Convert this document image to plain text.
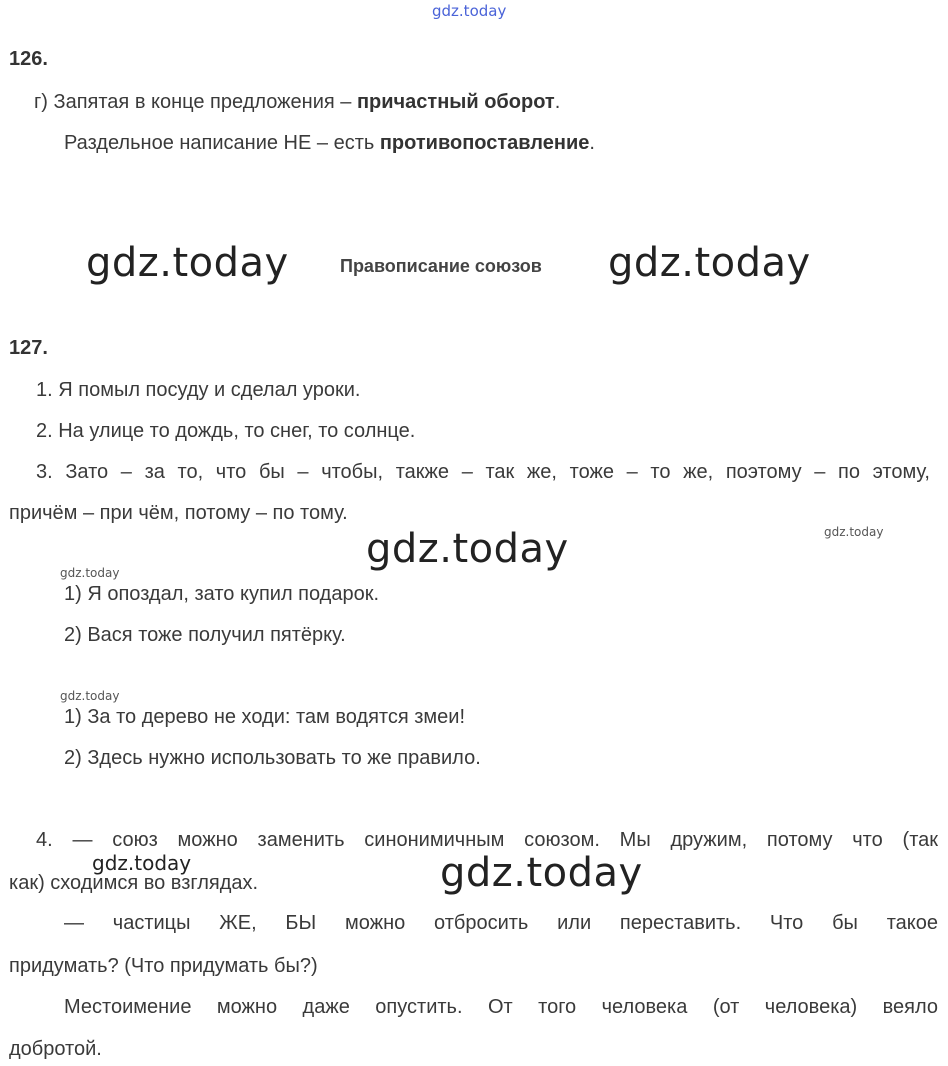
gdz.today
126.
г) Запятая в конце предложения – причастный оборот.
Раздельное написание НЕ – есть противопоставление.
gdz.today	Правописание союзов gdz.today
127.
1. Я помыл посуду и сделал уроки.
2. На улице то дождь, то снег, то солнце.
3. Зато – за то, что бы – чтобы, также – так же, тоже – то же, поэтому – по этому,
причём – при чём, потому – по тому.
gdz.today
gdz.today
gdz.today
1) Я опоздал, зато купил подарок.
2) Вася тоже получил пятёрку.
gdz.today
1) За то дерево не ходи: там водятся змеи!
2) Здесь нужно использовать то же правило.
4. — союз можно заменить синонимичным союзом. Мы дружим, потому что (так
gdz.today
как) сходимся во взглядах.	gdz.today
— частицы ЖЕ, БЫ можно отбросить или переставить. Что бы такое
придумать? (Что придумать бы?)
Местоимение можно даже опустить. От того человека (от человека) веяло
добротой.
